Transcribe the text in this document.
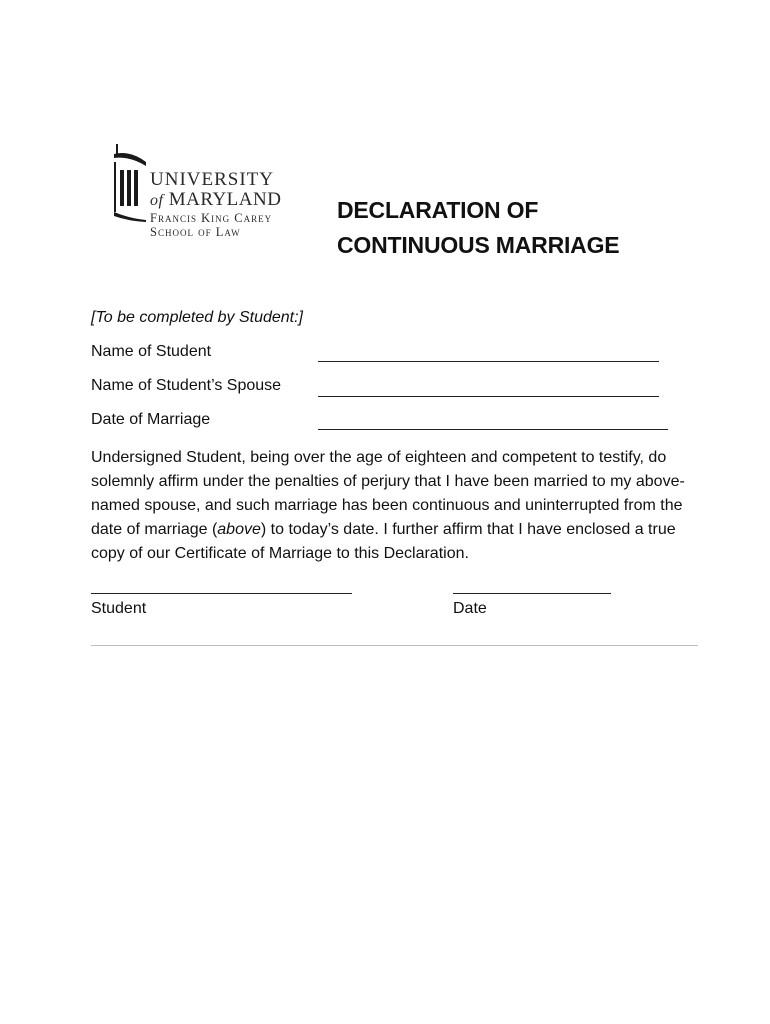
UNIVERSITY
of MARYLAND
Francis King Carey
School of Law
DECLARATION OF
CONTINUOUS MARRIAGE
[To be completed by Student:]
Name of Student
Name of Student’s Spouse
Date of Marriage
Undersigned Student, being over the age of eighteen and competent to testify, do solemnly affirm under the penalties of perjury that I have been married to my above-named spouse, and such marriage has been continuous and uninterrupted from the date of marriage (above) to today’s date. I further affirm that I have enclosed a true copy of our Certificate of Marriage to this Declaration.
Student	Date
